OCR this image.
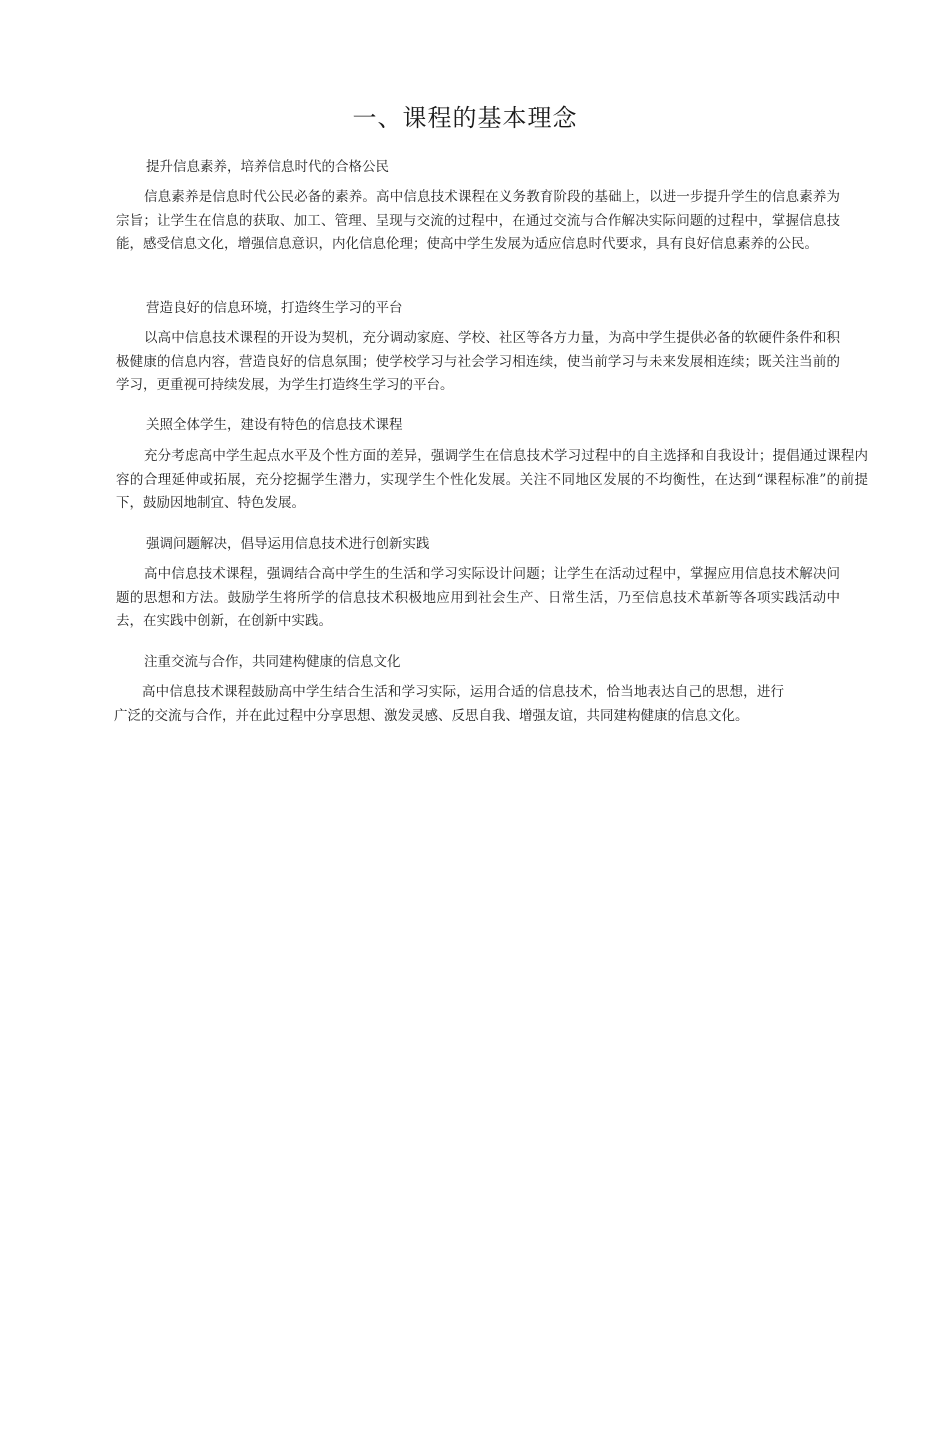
一、课程的基本理念

提升信息素养，培养信息时代的合格公民

信息素养是信息时代公民必备的素养。高中信息技术课程在义务教育阶段的基础上，以进一步提升学生的信息素养为宗旨；让学生在信息的获取、加工、管理、呈现与交流的过程中，在通过交流与合作解决实际问题的过程中，掌握信息技能，感受信息文化，增强信息意识，内化信息伦理；使高中学生发展为适应信息时代要求，具有良好信息素养的公民。

营造良好的信息环境，打造终生学习的平台

以高中信息技术课程的开设为契机，充分调动家庭、学校、社区等各方力量，为高中学生提供必备的软硬件条件和积极健康的信息内容，营造良好的信息氛围；使学校学习与社会学习相连续，使当前学习与未来发展相连续；既关注当前的学习，更重视可持续发展，为学生打造终生学习的平台。

关照全体学生，建设有特色的信息技术课程

充分考虑高中学生起点水平及个性方面的差异，强调学生在信息技术学习过程中的自主选择和自我设计；提倡通过课程内容的合理延伸或拓展，充分挖掘学生潜力，实现学生个性化发展。关注不同地区发展的不均衡性，在达到“课程标准”的前提下，鼓励因地制宜、特色发展。

强调问题解决，倡导运用信息技术进行创新实践

高中信息技术课程，强调结合高中学生的生活和学习实际设计问题；让学生在活动过程中，掌握应用信息技术解决问题的思想和方法。鼓励学生将所学的信息技术积极地应用到社会生产、日常生活，乃至信息技术革新等各项实践活动中去，在实践中创新，在创新中实践。

注重交流与合作，共同建构健康的信息文化

高中信息技术课程鼓励高中学生结合生活和学习实际，运用合适的信息技术，恰当地表达自己的思想，进行广泛的交流与合作，并在此过程中分享思想、激发灵感、反思自我、增强友谊，共同建构健康的信息文化。
